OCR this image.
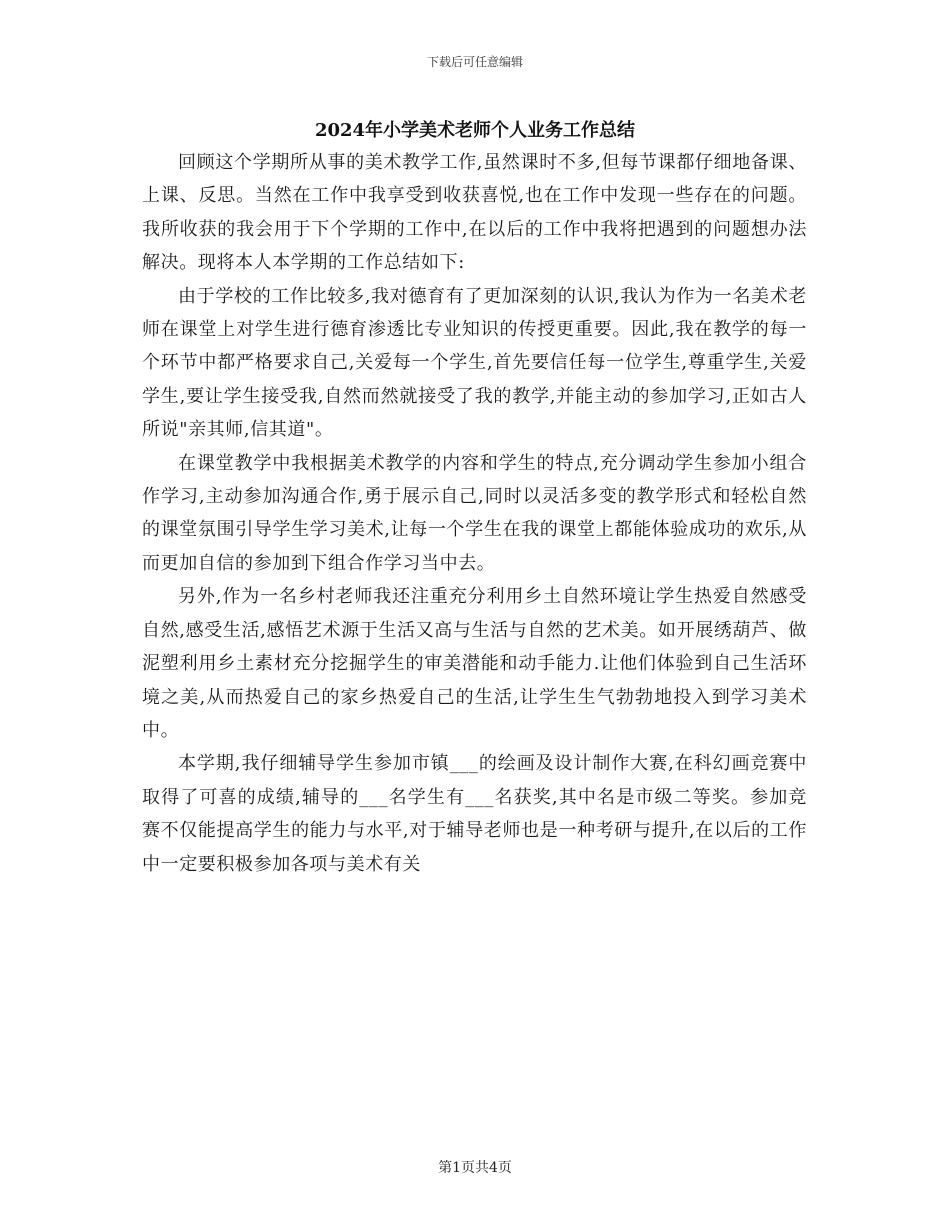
下载后可任意编辑
2024年小学美术老师个人业务工作总结

回顾这个学期所从事的美术教学工作,虽然课时不多,但每节课都仔细地备课、上课、反思。当然在工作中我享受到收获喜悦,也在工作中发现一些存在的问题。我所收获的我会用于下个学期的工作中,在以后的工作中我将把遇到的问题想办法解决。现将本人本学期的工作总结如下:

由于学校的工作比较多,我对德育有了更加深刻的认识,我认为作为一名美术老师在课堂上对学生进行德育渗透比专业知识的传授更重要。因此,我在教学的每一个环节中都严格要求自己,关爱每一个学生,首先要信任每一位学生,尊重学生,关爱学生,要让学生接受我,自然而然就接受了我的教学,并能主动的参加学习,正如古人所说"亲其师,信其道"。

在课堂教学中我根据美术教学的内容和学生的特点,充分调动学生参加小组合作学习,主动参加沟通合作,勇于展示自己,同时以灵活多变的教学形式和轻松自然的课堂氛围引导学生学习美术,让每一个学生在我的课堂上都能体验成功的欢乐,从而更加自信的参加到下组合作学习当中去。

另外,作为一名乡村老师我还注重充分利用乡土自然环境让学生热爱自然感受自然,感受生活,感悟艺术源于生活又高与生活与自然的艺术美。如开展绣葫芦、做泥塑利用乡土素材充分挖掘学生的审美潜能和动手能力.让他们体验到自己生活环境之美,从而热爱自己的家乡热爱自己的生活,让学生生气勃勃地投入到学习美术中。

本学期,我仔细辅导学生参加市镇___的绘画及设计制作大赛,在科幻画竞赛中取得了可喜的成绩,辅导的___名学生有___名获奖,其中名是市级二等奖。参加竞赛不仅能提高学生的能力与水平,对于辅导老师也是一种考研与提升,在以后的工作中一定要积极参加各项与美术有关

第1页共4页
